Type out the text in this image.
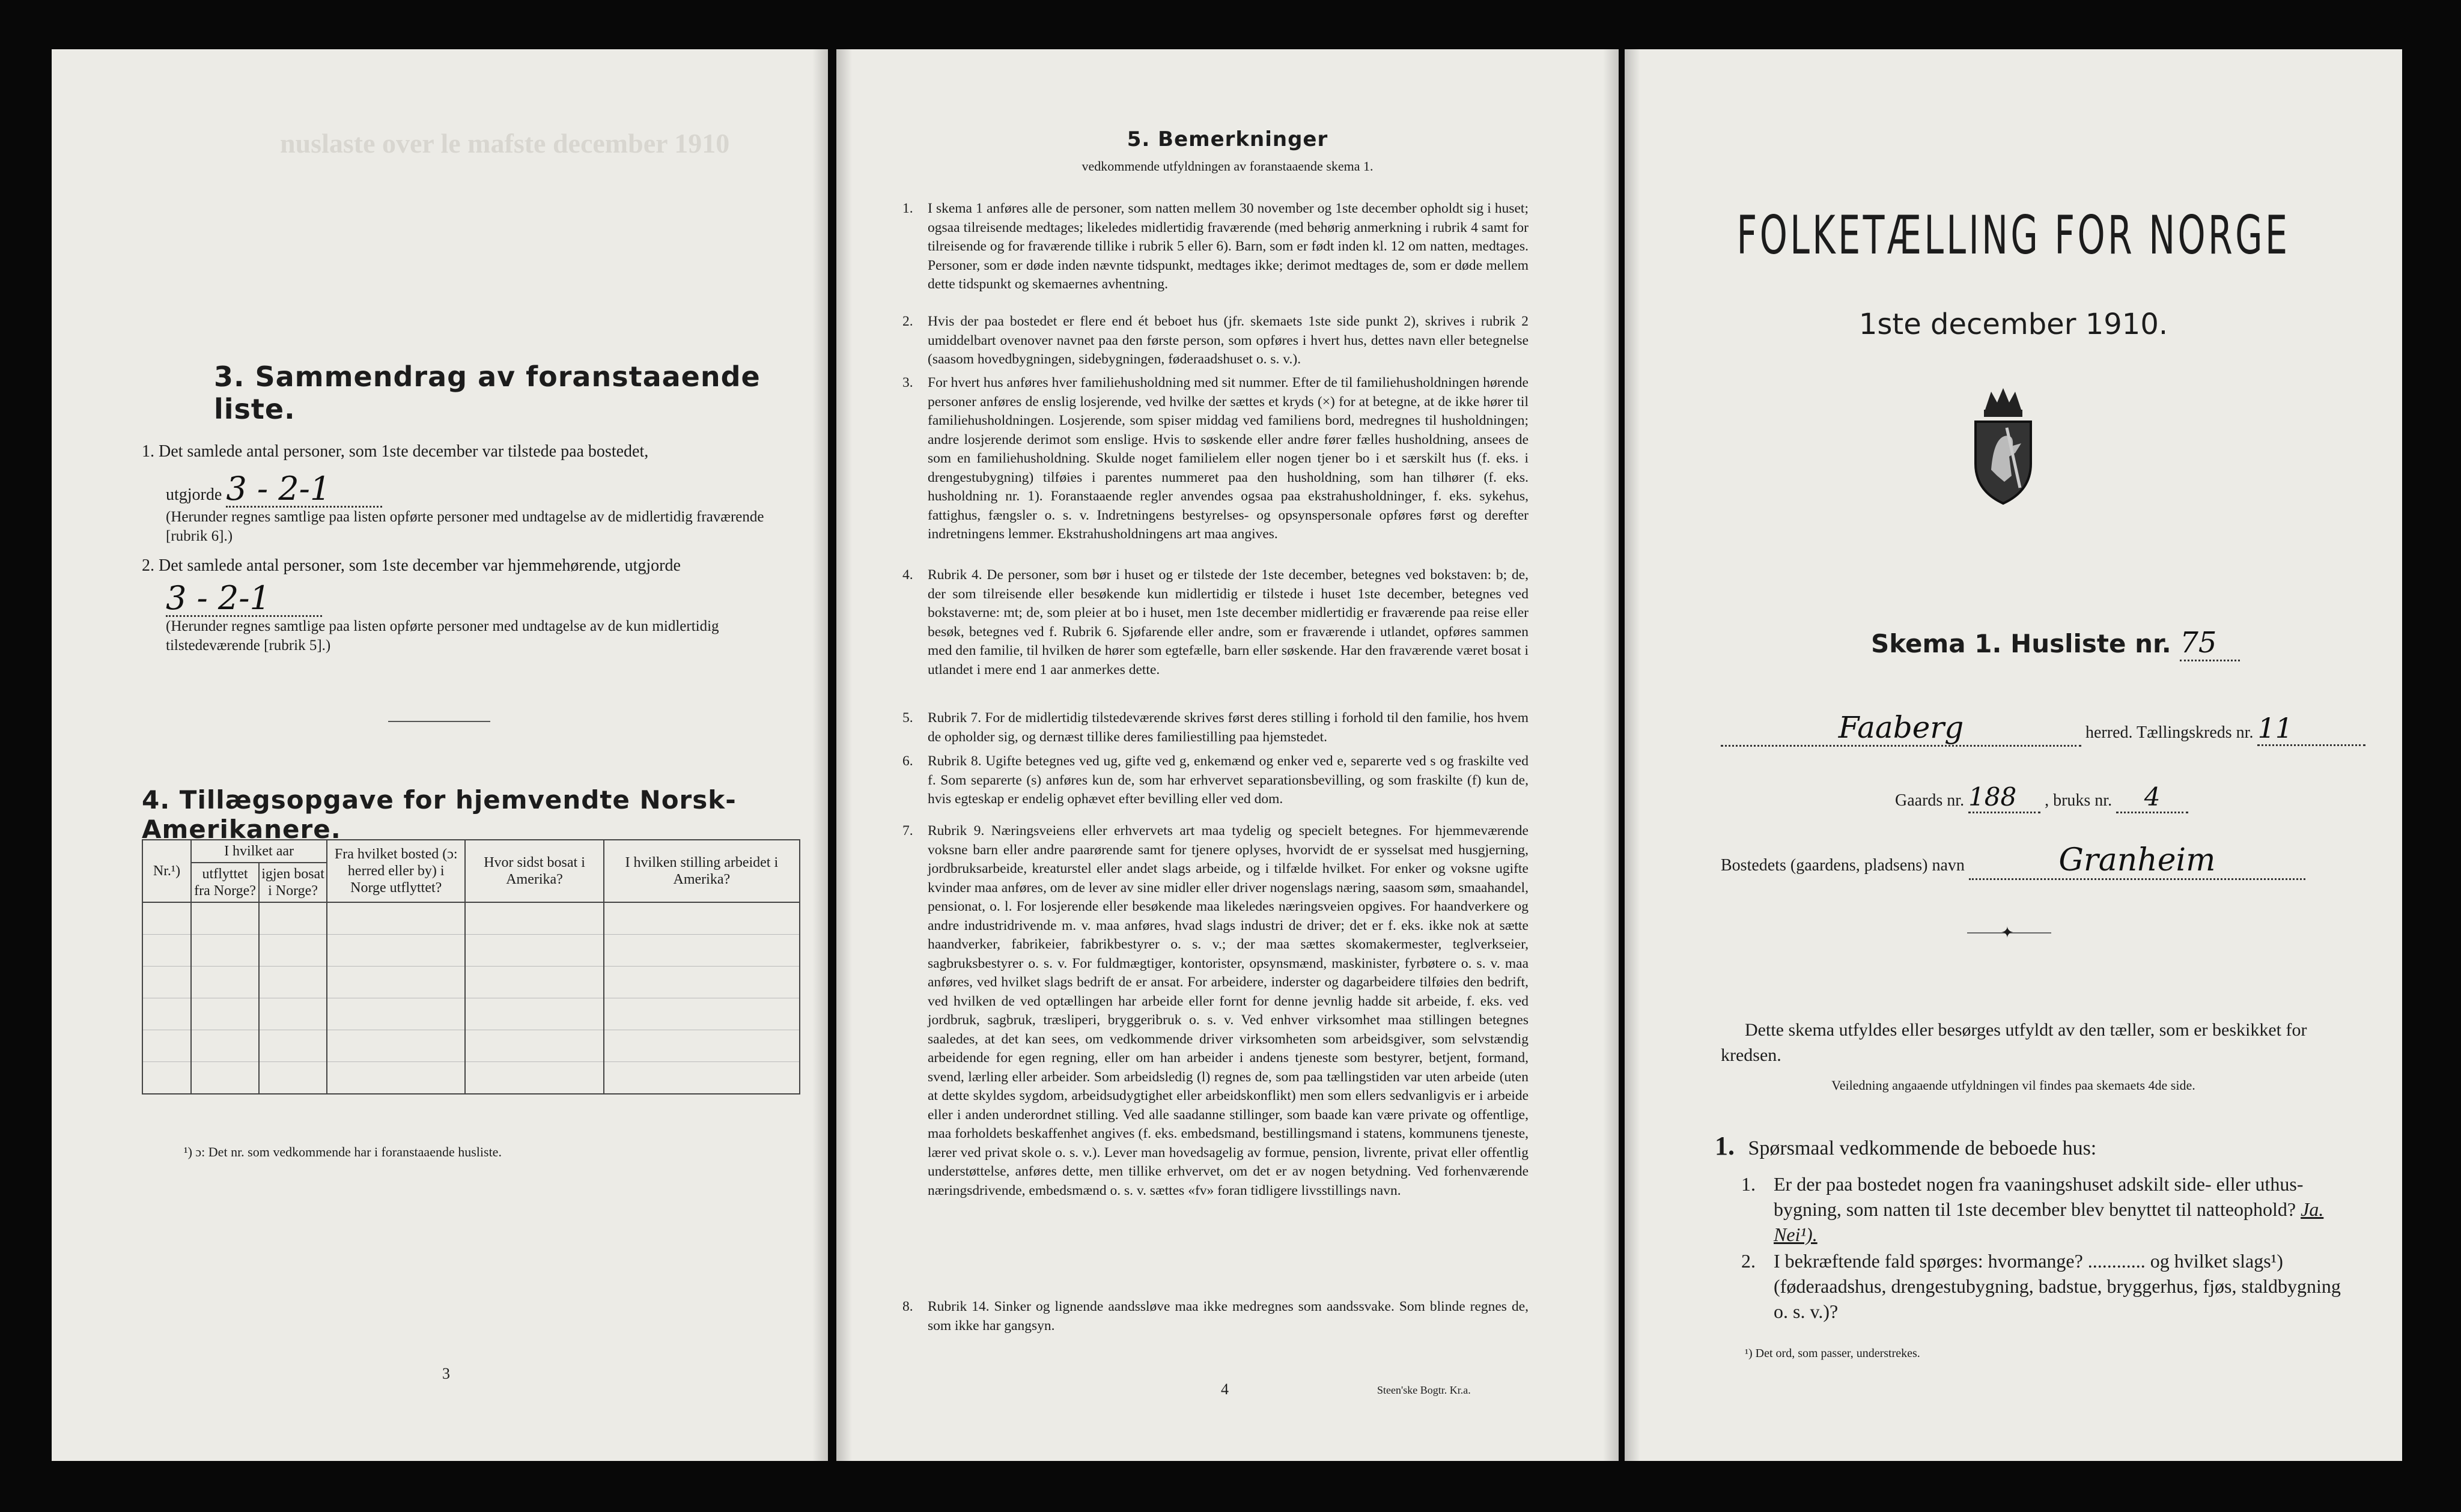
nuslaste over le mafste december 1910
3. Sammendrag av foranstaaende liste.
1. Det samlede antal personer, som 1ste december var tilstede paa bostedet,
utgjorde 3 - 2-1
(Herunder regnes samtlige paa listen opførte personer med undtagelse av de midlertidig fraværende [rubrik 6].)
2. Det samlede antal personer, som 1ste december var hjemmehørende, utgjorde
3 - 2-1
(Herunder regnes samtlige paa listen opførte personer med undtagelse av de kun midlertidig tilstedeværende [rubrik 5].)
4. Tillægsopgave for hjemvendte Norsk-Amerikanere.
Nr.¹)	I hvilket aar		Fra hvilket bosted (ɔ: herred eller by) i Norge utflyttet?	Hvor sidst bosat i Amerika?	I hvilken stilling arbeidet i Amerika?
	utflyttet fra Norge?	igjen bosat i Norge?			

¹) ɔ: Det nr. som vedkommende har i foranstaaende husliste.
3
5. Bemerkninger
vedkommende utfyldningen av foranstaaende skema 1.
1. I skema 1 anføres alle de personer, som natten mellem 30 november og 1ste december opholdt sig i huset; ogsaa tilreisende medtages; likeledes midlertidig fraværende (med behørig anmerkning i rubrik 4 samt for tilreisende og for fraværende tillike i rubrik 5 eller 6). Barn, som er født inden kl. 12 om natten, medtages. Personer, som er døde inden nævnte tidspunkt, medtages ikke; derimot medtages de, som er døde mellem dette tidspunkt og skemaernes avhentning.
2. Hvis der paa bostedet er flere end ét beboet hus (jfr. skemaets 1ste side punkt 2), skrives i rubrik 2 umiddelbart ovenover navnet paa den første person, som opføres i hvert hus, dettes navn eller betegnelse (saasom hovedbygningen, sidebygningen, føderaadshuset o. s. v.).
3. For hvert hus anføres hver familiehusholdning med sit nummer. Efter de til familiehusholdningen hørende personer anføres de enslig losjerende, ved hvilke der sættes et kryds (×) for at betegne, at de ikke hører til familiehusholdningen. Losjerende, som spiser middag ved familiens bord, medregnes til husholdningen; andre losjerende derimot som enslige. Hvis to søskende eller andre fører fælles husholdning, ansees de som en familiehusholdning. Skulde noget familielem eller nogen tjener bo i et særskilt hus (f. eks. i drengestubygning) tilføies i parentes nummeret paa den husholdning, som han tilhører (f. eks. husholdning nr. 1). Foranstaaende regler anvendes ogsaa paa ekstrahusholdninger, f. eks. sykehus, fattighus, fængsler o. s. v. Indretningens bestyrelses- og opsynspersonale opføres først og derefter indretningens lemmer. Ekstrahusholdningens art maa angives.
4. Rubrik 4. De personer, som bør i huset og er tilstede der 1ste december, betegnes ved bokstaven: b; de, der som tilreisende eller besøkende kun midlertidig er tilstede i huset 1ste december, betegnes ved bokstaverne: mt; de, som pleier at bo i huset, men 1ste december midlertidig er fraværende paa reise eller besøk, betegnes ved f. Rubrik 6. Sjøfarende eller andre, som er fraværende i utlandet, opføres sammen med den familie, til hvilken de hører som egtefælle, barn eller søskende. Har den fraværende været bosat i utlandet i mere end 1 aar anmerkes dette.
5. Rubrik 7. For de midlertidig tilstedeværende skrives først deres stilling i forhold til den familie, hos hvem de opholder sig, og dernæst tillike deres familiestilling paa hjemstedet.
6. Rubrik 8. Ugifte betegnes ved ug, gifte ved g, enkemænd og enker ved e, separerte ved s og fraskilte ved f. Som separerte (s) anføres kun de, som har erhvervet separationsbevilling, og som fraskilte (f) kun de, hvis egteskap er endelig ophævet efter bevilling eller ved dom.
7. Rubrik 9. Næringsveiens eller erhvervets art maa tydelig og specielt betegnes. For hjemmeværende voksne barn eller andre paarørende samt for tjenere oplyses, hvorvidt de er sysselsat med husgjerning, jordbruksarbeide, kreaturstel eller andet slags arbeide, og i tilfælde hvilket. For enker og voksne ugifte kvinder maa anføres, om de lever av sine midler eller driver nogenslags næring, saasom søm, smaahandel, pensionat, o. l. For losjerende eller besøkende maa likeledes næringsveien opgives. For haandverkere og andre industridrivende m. v. maa anføres, hvad slags industri de driver; det er f. eks. ikke nok at sætte haandverker, fabrikeier, fabrikbestyrer o. s. v.; der maa sættes skomakermester, teglverkseier, sagbruksbestyrer o. s. v. For fuldmægtiger, kontorister, opsynsmænd, maskinister, fyrbøtere o. s. v. maa anføres, ved hvilket slags bedrift de er ansat. For arbeidere, inderster og dagarbeidere tilføies den bedrift, ved hvilken de ved optællingen har arbeide eller fornt for denne jevnlig hadde sit arbeide, f. eks. ved jordbruk, sagbruk, træsliperi, bryggeribruk o. s. v. Ved enhver virksomhet maa stillingen betegnes saaledes, at det kan sees, om vedkommende driver virksomheten som arbeidsgiver, som selvstændig arbeidende for egen regning, eller om han arbeider i andens tjeneste som bestyrer, betjent, formand, svend, lærling eller arbeider. Som arbeidsledig (l) regnes de, som paa tællingstiden var uten arbeide (uten at dette skyldes sygdom, arbeidsudygtighet eller arbeidskonflikt) men som ellers sedvanligvis er i arbeide eller i anden underordnet stilling. Ved alle saadanne stillinger, som baade kan være private og offentlige, maa forholdets beskaffenhet angives (f. eks. embedsmand, bestillingsmand i statens, kommunens tjeneste, lærer ved privat skole o. s. v.). Lever man hovedsagelig av formue, pension, livrente, privat eller offentlig understøttelse, anføres dette, men tillike erhvervet, om det er av nogen betydning. Ved forhenværende næringsdrivende, embedsmænd o. s. v. sættes «fv» foran tidligere livsstillings navn.
8. Rubrik 14. Sinker og lignende aandssløve maa ikke medregnes som aandssvake. Som blinde regnes de, som ikke har gangsyn.
4	Steen'ske Bogtr. Kr.a.
FOLKETÆLLING FOR NORGE
1ste december 1910.
Skema 1. Husliste nr. 75
Faaberg	herred. Tællingskreds nr. 11
Gaards nr. 188 , bruks nr. 4
Bostedets (gaardens, pladsens) navn	Granheim
✦
Dette skema utfyldes eller besørges utfyldt av den tæller, som er beskikket for kredsen.
Veiledning angaaende utfyldningen vil findes paa skemaets 4de side.
1. Spørsmaal vedkommende de beboede hus:
1. Er der paa bostedet nogen fra vaaningshuset adskilt side- eller uthus-bygning, som natten til 1ste december blev benyttet til natteophold? Ja. Nei¹).
2. I bekræftende fald spørges: hvormange? ............ og hvilket slags¹) (føderaadshus, drengestubygning, badstue, bryggerhus, fjøs, staldbygning o. s. v.)?
¹) Det ord, som passer, understrekes.
